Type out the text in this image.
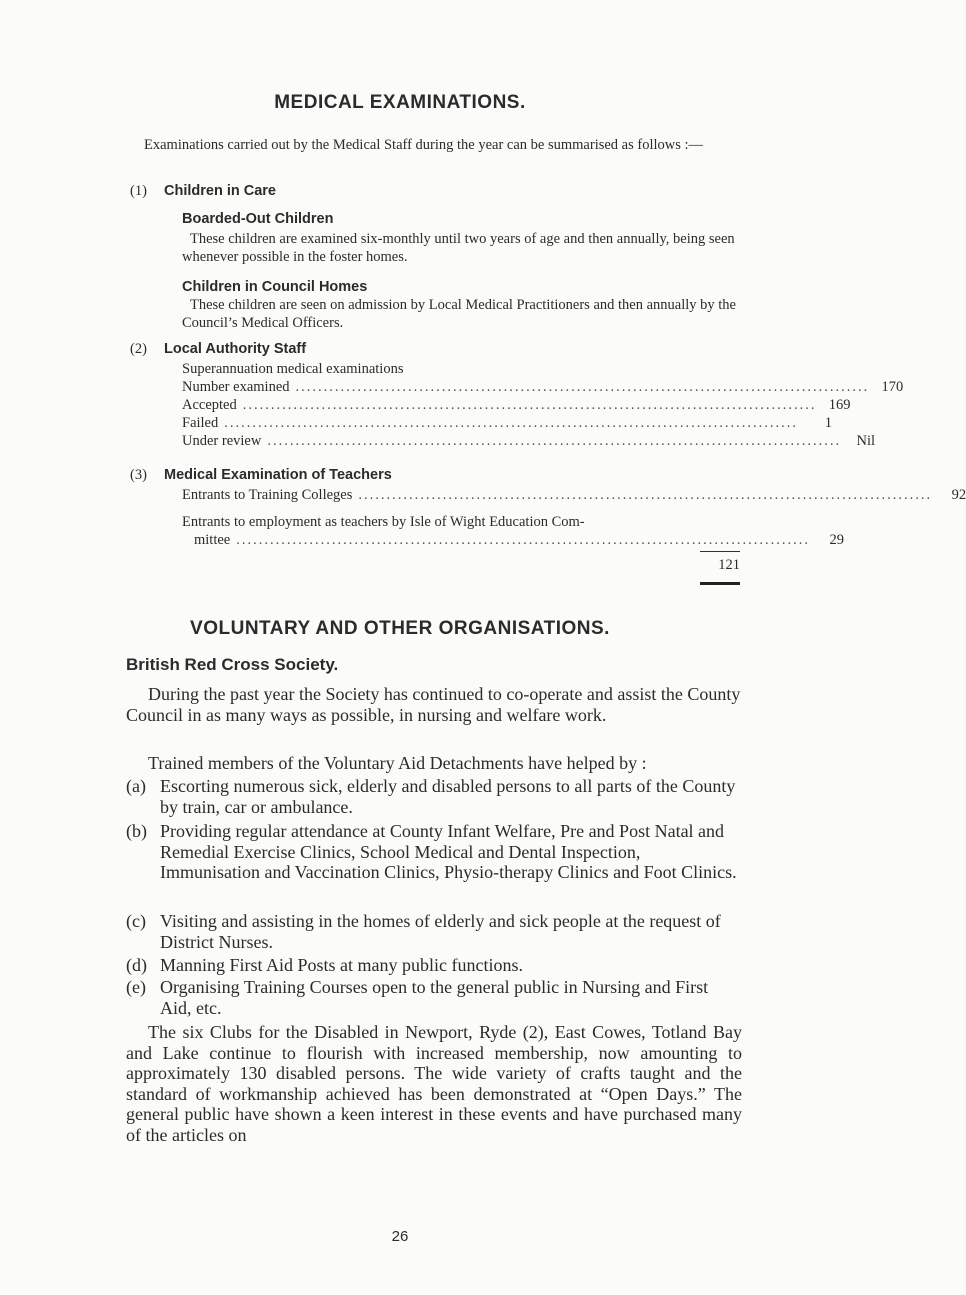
MEDICAL EXAMINATIONS.
Examinations carried out by the Medical Staff during the year can be summarised as follows :—
(1) Children in Care
Boarded-Out Children
These children are examined six-monthly until two years of age and then annually, being seen whenever possible in the foster homes.
Children in Council Homes
These children are seen on admission by Local Medical Practitioners and then annually by the Council’s Medical Officers.
(2) Local Authority Staff
Superannuation medical examinations
Number examined ...................................................................................................... 170
Accepted ...................................................................................................... 169
Failed ......................................................................................................	1
Under review ......................................................................................................	Nil
(3) Medical Examination of Teachers
Entrants to Training Colleges ......................................................................................................	92
Entrants to employment as teachers by Isle of Wight Education Com-
mittee ......................................................................................................	29
121
VOLUNTARY AND OTHER ORGANISATIONS.
British Red Cross Society.
During the past year the Society has continued to co-operate and assist the County Council in as many ways as possible, in nursing and welfare work.
Trained members of the Voluntary Aid Detachments have helped by :
(a) Escorting numerous sick, elderly and disabled persons to all parts of the County by train, car or ambulance.
(b) Providing regular attendance at County Infant Welfare, Pre and Post Natal and Remedial Exercise Clinics, School Medical and Dental Inspection, Immunisation and Vaccination Clinics, Physio-therapy Clinics and Foot Clinics.
(c) Visiting and assisting in the homes of elderly and sick people at the request of District Nurses.
(d) Manning First Aid Posts at many public functions.
(e) Organising Training Courses open to the general public in Nursing and First Aid, etc.
The six Clubs for the Disabled in Newport, Ryde (2), East Cowes, Totland Bay and Lake continue to flourish with increased membership, now amounting to approximately 130 disabled persons. The wide variety of crafts taught and the standard of workmanship achieved has been demonstrated at “Open Days.” The general public have shown a keen interest in these events and have purchased many of the articles on
26
